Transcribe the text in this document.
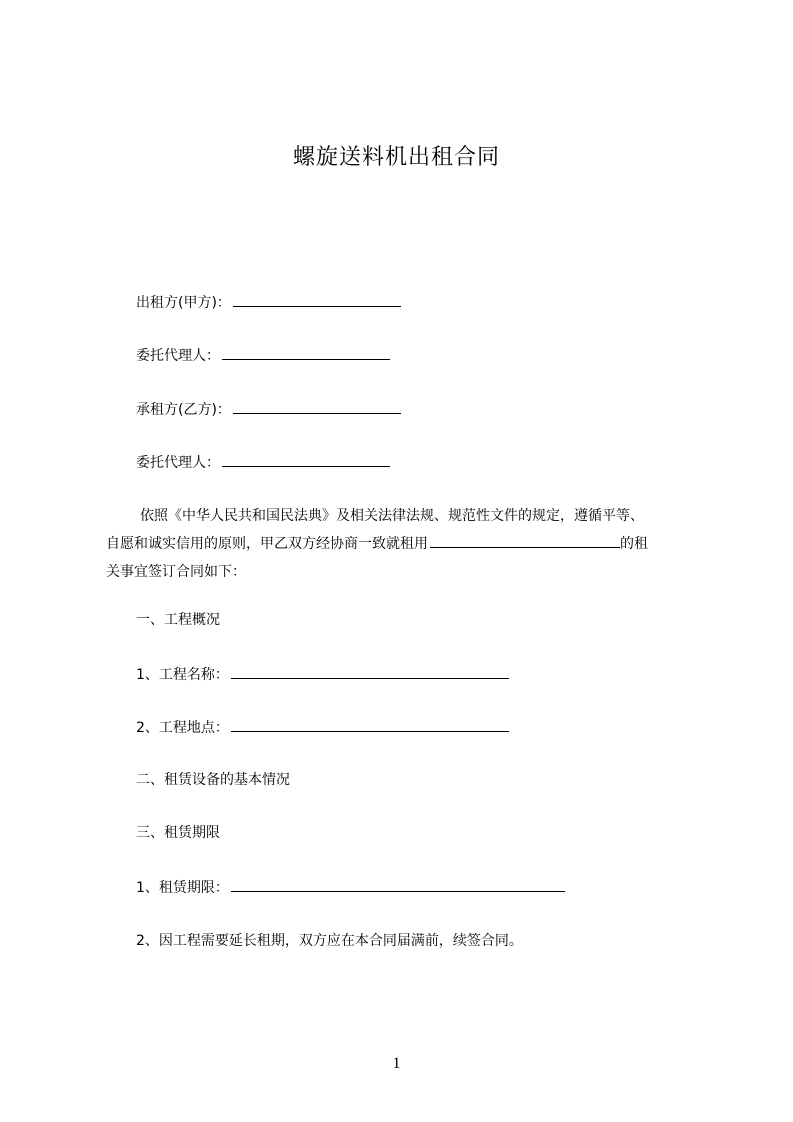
螺旋送料机出租合同
出租方(甲方)：
委托代理人：
承租方(乙方)：
委托代理人：
依照《中华人民共和国民法典》及相关法律法规、规范性文件的规定，遵循平等、
自愿和诚实信用的原则，甲乙双方经协商一致就租用	的租
关事宜签订合同如下：
一、工程概况
1、工程名称：
2、工程地点：
二、租赁设备的基本情况
三、租赁期限
1、租赁期限：
2、因工程需要延长租期，双方应在本合同届满前，续签合同。
1
